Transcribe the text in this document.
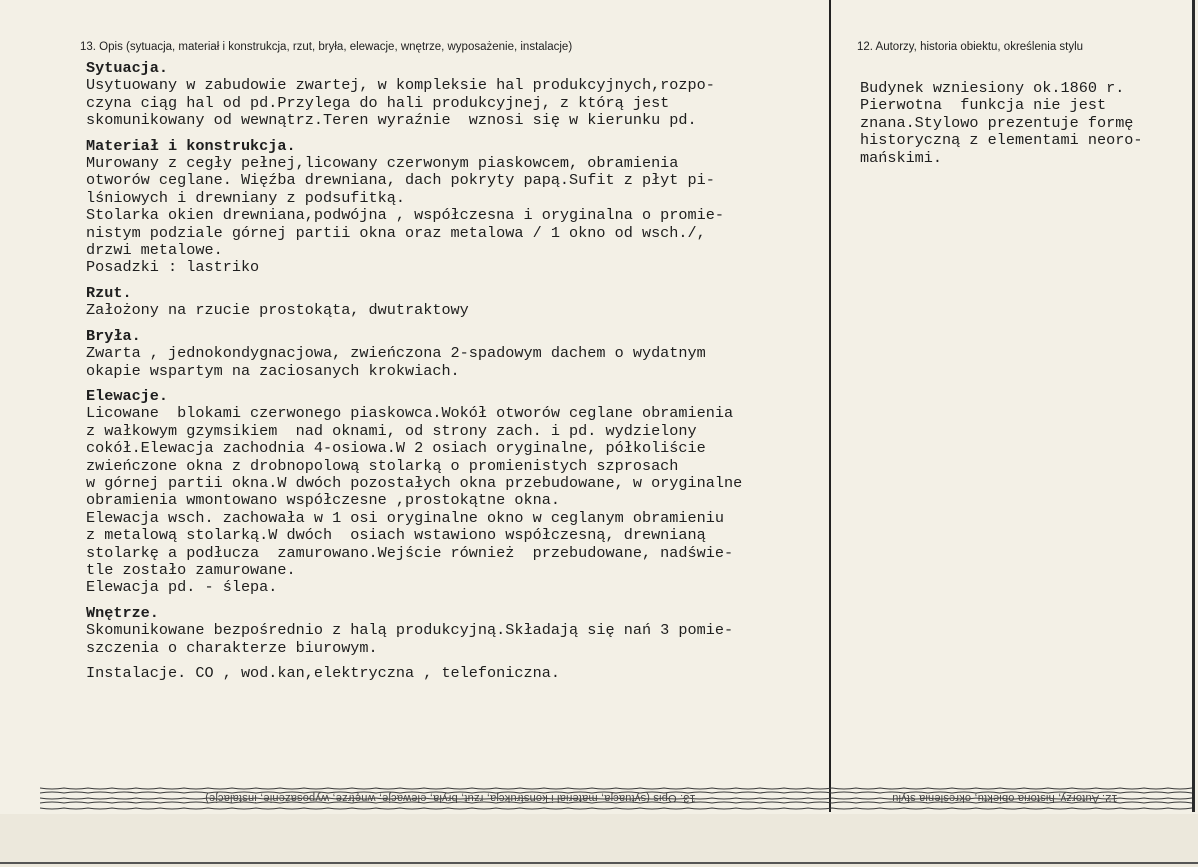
13. Opis (sytuacja, materiał i konstrukcja, rzut, bryła, elewacje, wnętrze, wyposażenie, instalacje)	12. Autorzy, historia obiektu, określenia stylu
Sytuacja.
Usytuowany w zabudowie zwartej, w kompleksie hal produkcyjnych,rozpo-
czyna ciąg hal od pd.Przylega do hali produkcyjnej, z którą jest
skomunikowany od wewnątrz.Teren wyraźnie  wznosi się w kierunku pd.
Materiał i konstrukcja.
Murowany z cegły pełnej,licowany czerwonym piaskowcem, obramienia
otworów ceglane. Więźba drewniana, dach pokryty papą.Sufit z płyt pi-
lśniowych i drewniany z podsufitką.
Stolarka okien drewniana,podwójna , współczesna i oryginalna o promie-
nistym podziale górnej partii okna oraz metalowa / 1 okno od wsch./,
drzwi metalowe.
Posadzki : lastriko
Rzut.
Założony na rzucie prostokąta, dwutraktowy
Bryła.
Zwarta , jednokondygnacjowa, zwieńczona 2-spadowym dachem o wydatnym
okapie wspartym na zaciosanych krokwiach.
Elewacje.
Licowane  blokami czerwonego piaskowca.Wokół otworów ceglane obramienia
z wałkowym gzymsikiem  nad oknami, od strony zach. i pd. wydzielony
cokół.Elewacja zachodnia 4-osiowa.W 2 osiach oryginalne, półkoliście
zwieńczone okna z drobnopolową stolarką o promienistych szprosach
w górnej partii okna.W dwóch pozostałych okna przebudowane, w oryginalne
obramienia wmontowano współczesne ,prostokątne okna.
Elewacja wsch. zachowała w 1 osi oryginalne okno w ceglanym obramieniu
z metalową stolarką.W dwóch  osiach wstawiono współczesną, drewnianą
stolarkę a podłucza  zamurowano.Wejście również  przebudowane, nadświe-
tle zostało zamurowane.
Elewacja pd. - ślepa.
Wnętrze.
Skomunikowane bezpośrednio z halą produkcyjną.Składają się nań 3 pomie-
szczenia o charakterze biurowym.
Instalacje. CO , wod.kan,elektryczna , telefoniczna.
Budynek wzniesiony ok.1860 r.
Pierwotna  funkcja nie jest
znana.Stylowo prezentuje formę
historyczną z elementami neoro-
mańskimi.
13. Opis (sytuacja, materiał i konstrukcja, rzut, bryła, elewacje, wnętrze, wyposażenie, instalacje)	12. Autorzy, historia obiektu, określenia stylu
